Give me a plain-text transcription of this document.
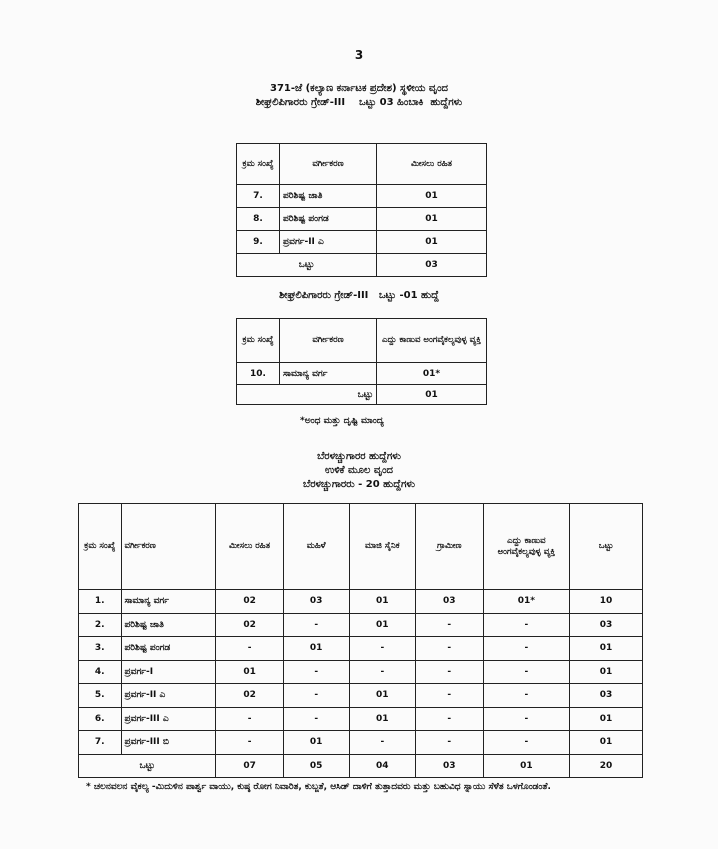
3
371-ಜೆ (ಕಲ್ಯಾಣ ಕರ್ನಾಟಕ ಪ್ರದೇಶ) ಸ್ಥಳೀಯ ವೃಂದ
ಶೀಘ್ರಲಿಪಿಗಾರರು ಗ್ರೇಡ್-III    ಒಟ್ಟು 03 ಹಿಂಬಾಕಿ  ಹುದ್ದೆಗಳು
ಕ್ರಮ ಸಂಖ್ಯೆ	ವರ್ಗೀಕರಣ	ಮೀಸಲು ರಹಿತ
7.	ಪರಿಶಿಷ್ಟ ಜಾತಿ	01
8.	ಪರಿಶಿಷ್ಟ ಪಂಗಡ	01
9.	ಪ್ರವರ್ಗ-II ಎ	01
ಒಟ್ಟು		03
ಶೀಘ್ರಲಿಪಿಗಾರರು ಗ್ರೇಡ್-III   ಒಟ್ಟು -01 ಹುದ್ದೆ
ಕ್ರಮ ಸಂಖ್ಯೆ	ವರ್ಗೀಕರಣ	ಎದ್ದು ಕಾಣುವ ಅಂಗವೈಕಲ್ಯವುಳ್ಳ ವ್ಯಕ್ತಿ
10.	ಸಾಮಾನ್ಯ ವರ್ಗ	01*
ಒಟ್ಟು		01
*ಅಂಧ ಮತ್ತು ದೃಷ್ಟಿ ಮಾಂದ್ಯ
ಬೆರಳಚ್ಚುಗಾರರ ಹುದ್ದೆಗಳು
ಉಳಿಕೆ ಮೂಲ ವೃಂದ
ಬೆರಳಚ್ಚುಗಾರರು - 20 ಹುದ್ದೆಗಳು
ಕ್ರಮ ಸಂಖ್ಯೆ	ವರ್ಗೀಕರಣ	ಮೀಸಲು ರಹಿತ	ಮಹಿಳೆ	ಮಾಜಿ ಸೈನಿಕ	ಗ್ರಾಮೀಣ	ಎದ್ದು ಕಾಣುವ ಅಂಗವೈಕಲ್ಯವುಳ್ಳ ವ್ಯಕ್ತಿ	ಒಟ್ಟು
1.	ಸಾಮಾನ್ಯ ವರ್ಗ	02	03	01	03	01*	10
2.	ಪರಿಶಿಷ್ಟ ಜಾತಿ	02	-	01	-	-	03
3.	ಪರಿಶಿಷ್ಟ ಪಂಗಡ	-	01	-	-	-	01
4.	ಪ್ರವರ್ಗ-I	01	-	-	-	-	01
5.	ಪ್ರವರ್ಗ-II ಎ	02	-	01	-	-	03
6.	ಪ್ರವರ್ಗ-III ಎ	-	-	01	-	-	01
7.	ಪ್ರವರ್ಗ-III ಬಿ	-	01	-	-	-	01
ಒಟ್ಟು		07	05	04	03	01	20
* ಚಲನವಲನ ವೈಕಲ್ಯ -ಮಿದುಳಿನ ಪಾರ್ಶ್ವ ವಾಯು, ಕುಷ್ಠ ರೋಗ ನಿವಾರಿತ, ಕುಬ್ಜತೆ, ಆಸಿಡ್ ದಾಳಿಗೆ ತುತ್ತಾದವರು ಮತ್ತು ಬಹುವಿಧ ಸ್ನಾಯು ಸೆಳೆತ ಒಳಗೊಂಡಂತೆ.
